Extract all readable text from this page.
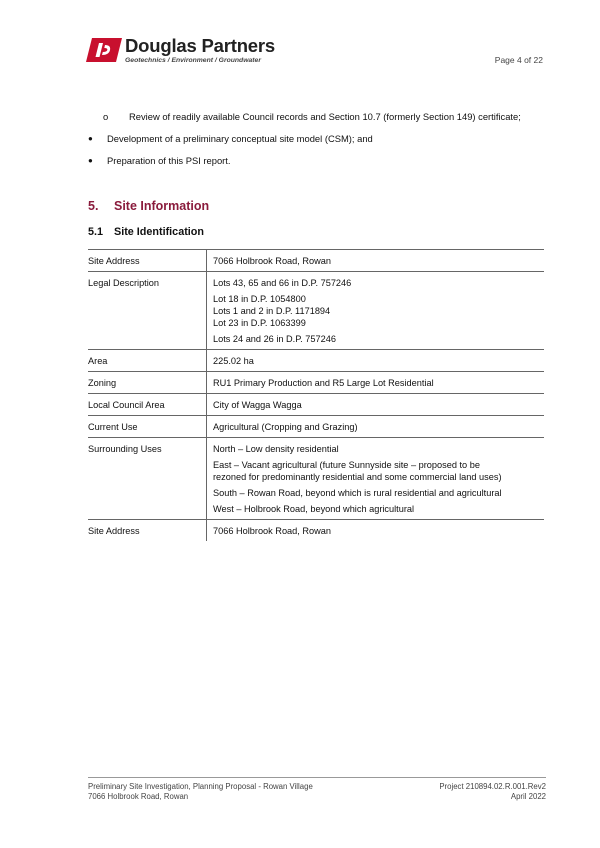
Douglas Partners
Geotechnics / Environment / Groundwater	Page 4 of 22
o Review of readily available Council records and Section 10.7 (formerly Section 149) certificate;
● Development of a preliminary conceptual site model (CSM); and
● Preparation of this PSI report.
5. Site Information
5.1 Site Identification
Site Address	7066 Holbrook Road, Rowan

Legal Description	Lots 43, 65 and 66 in D.P. 757246
Lot 18 in D.P. 1054800
Lots 1 and 2 in D.P. 1171894
Lot 23 in D.P. 1063399
Lots 24 and 26 in D.P. 757246

Area	225.02 ha

Zoning	RU1 Primary Production and R5 Large Lot Residential

Local Council Area	City of Wagga Wagga

Current Use	Agricultural (Cropping and Grazing)

Surrounding Uses	North – Low density residential
East – Vacant agricultural (future Sunnyside site – proposed to be
rezoned for predominantly residential and some commercial land uses)
South – Rowan Road, beyond which is rural residential and agricultural
West – Holbrook Road, beyond which agricultural

Site Address	7066 Holbrook Road, Rowan
Preliminary Site Investigation, Planning Proposal - Rowan Village
7066 Holbrook Road, Rowan
Project 210894.02.R.001.Rev2
April 2022
